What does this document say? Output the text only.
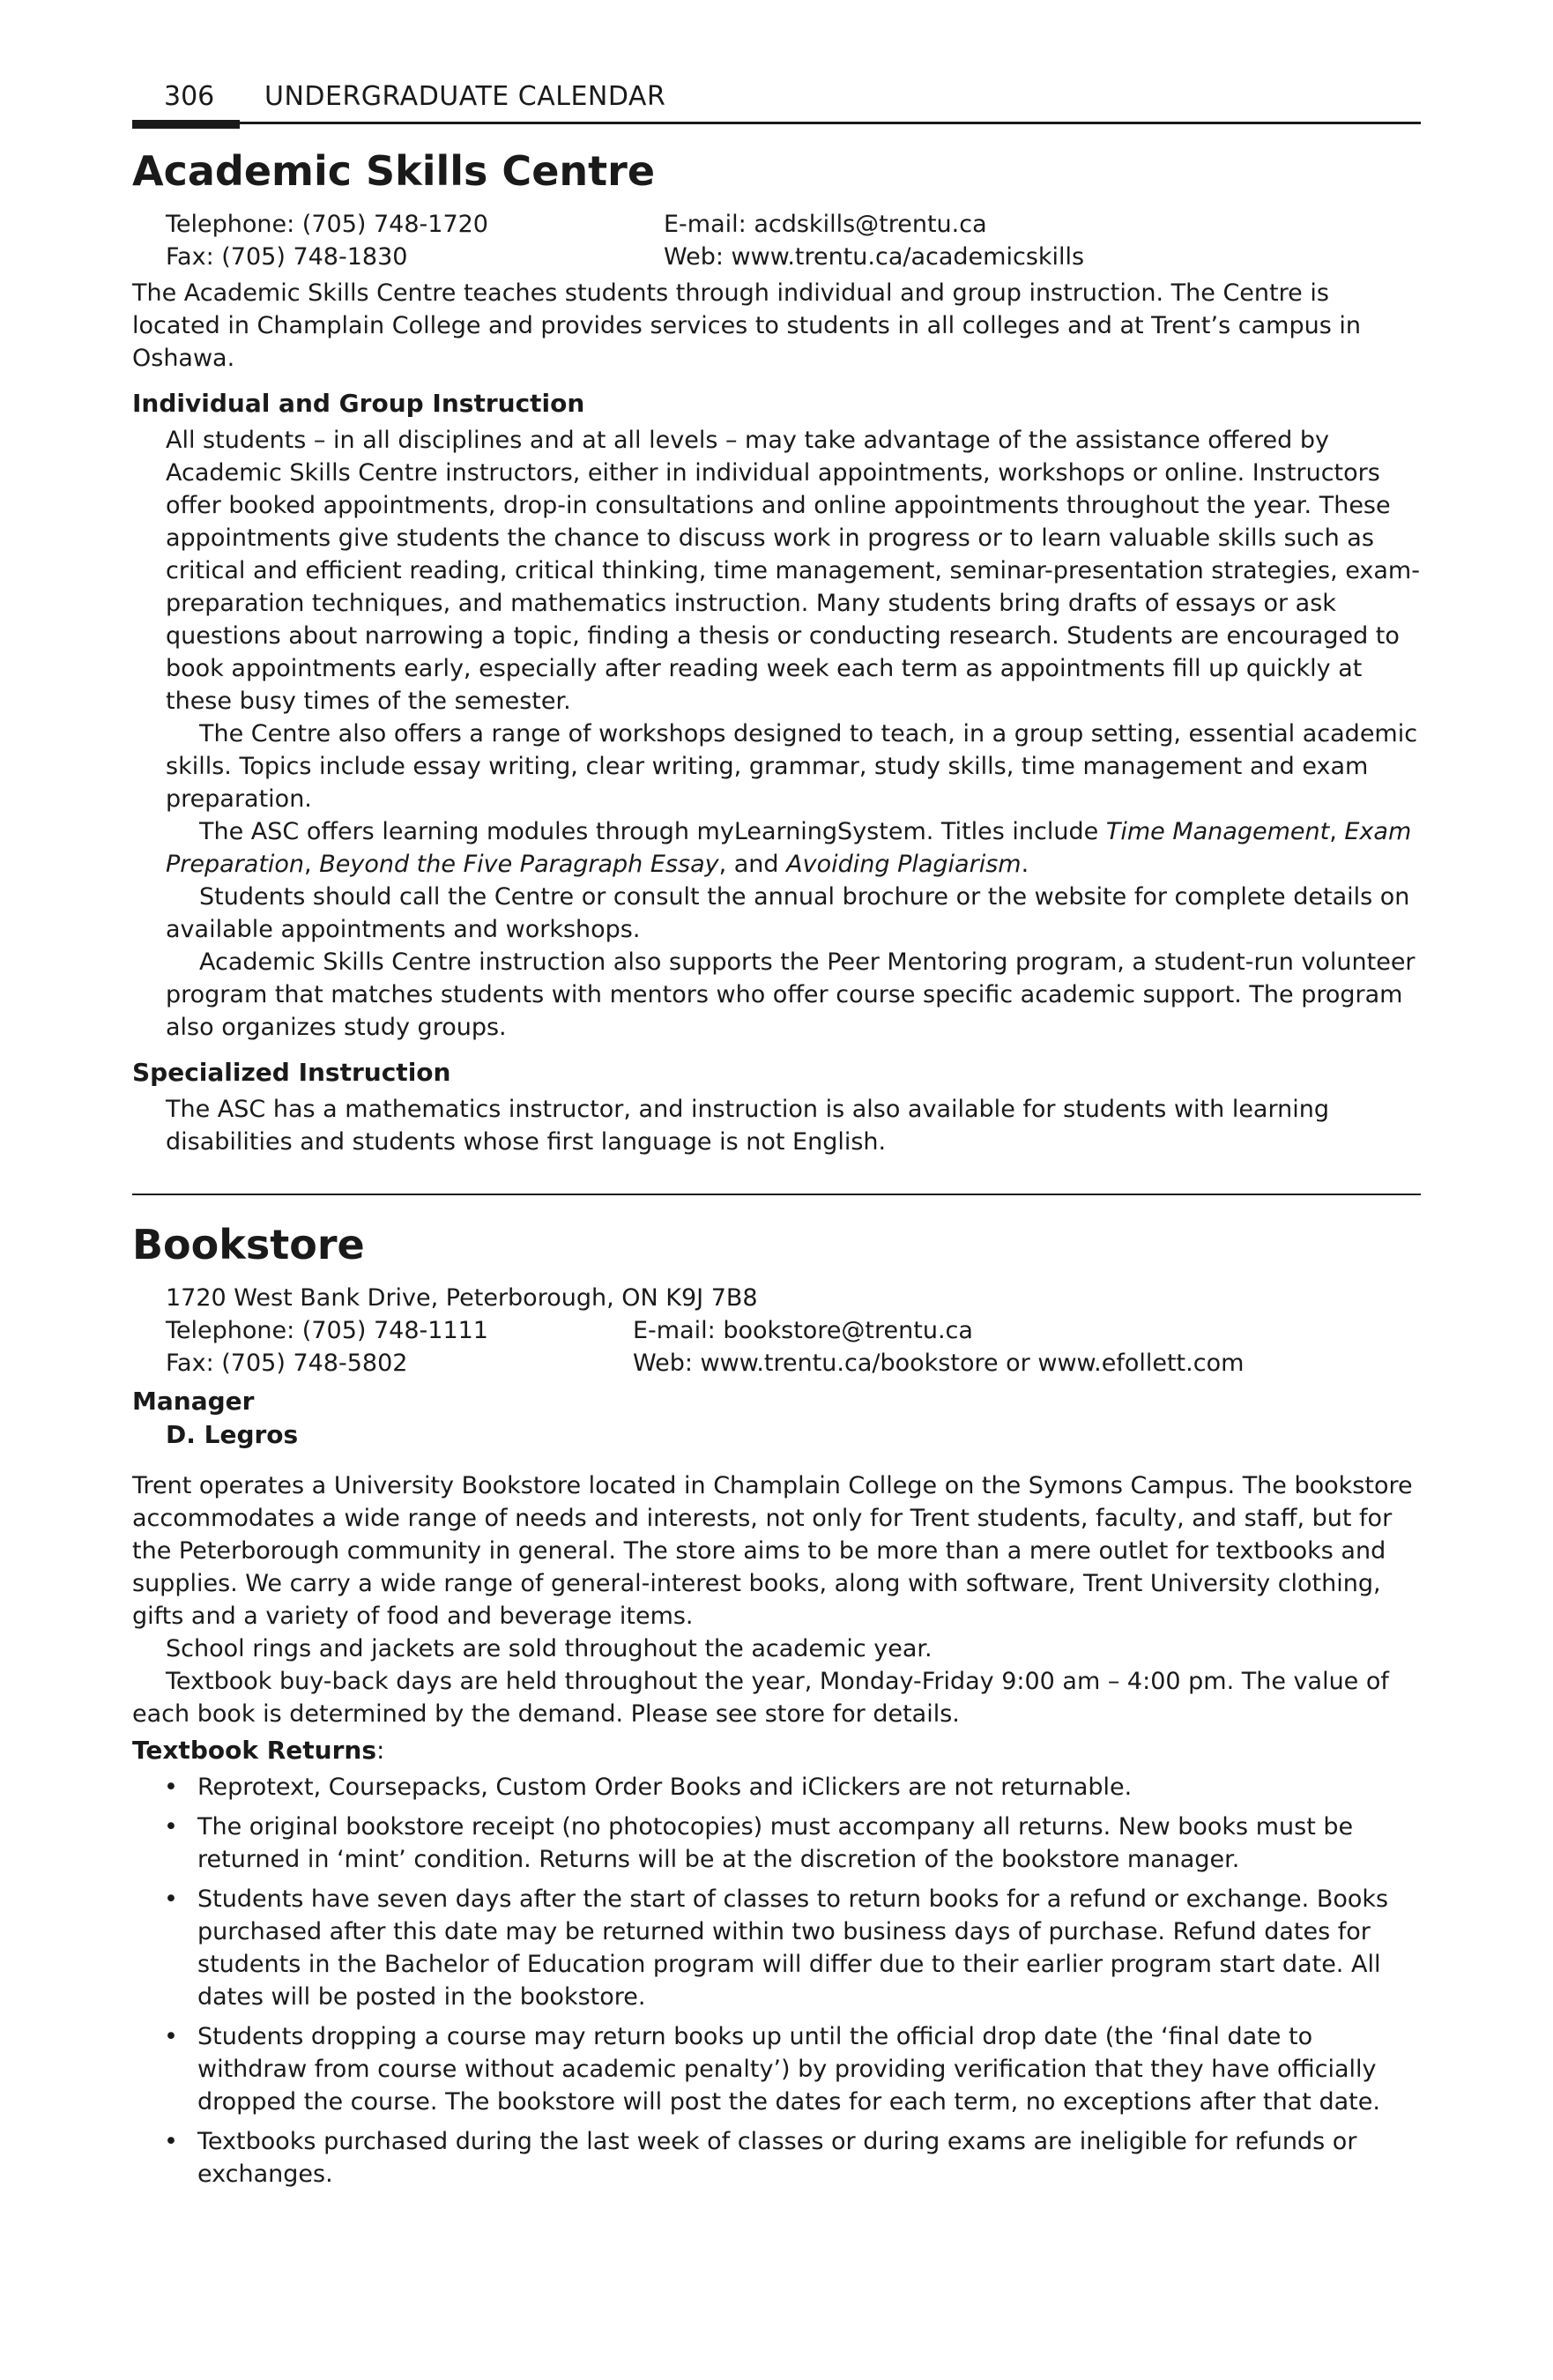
306 UNDERGRADUATE CALENDAR
Academic Skills Centre
Telephone: (705) 748-1720	E-mail: acdskills@trentu.ca
Fax: (705) 748-1830	Web: www.trentu.ca/academicskills

The Academic Skills Centre teaches students through individual and group instruction. The Centre is located in Champlain College and provides services to students in all colleges and at Trent’s campus in Oshawa.

Individual and Group Instruction

All students – in all disciplines and at all levels – may take advantage of the assistance offered by Academic Skills Centre instructors, either in individual appointments, workshops or online. Instructors offer booked appointments, drop-in consultations and online appointments throughout the year. These appointments give students the chance to discuss work in progress or to learn valuable skills such as critical and efficient reading, critical thinking, time management, seminar-presentation strategies, exam-preparation techniques, and mathematics instruction. Many students bring drafts of essays or ask questions about narrowing a topic, finding a thesis or conducting research. Students are encouraged to book appointments early, especially after reading week each term as appointments fill up quickly at these busy times of the semester.

The Centre also offers a range of workshops designed to teach, in a group setting, essential academic skills. Topics include essay writing, clear writing, grammar, study skills, time management and exam preparation.

The ASC offers learning modules through myLearningSystem. Titles include Time Management, Exam Preparation, Beyond the Five Paragraph Essay, and Avoiding Plagiarism.

Students should call the Centre or consult the annual brochure or the website for complete details on available appointments and workshops.

Academic Skills Centre instruction also supports the Peer Mentoring program, a student-run volunteer program that matches students with mentors who offer course specific academic support. The program also organizes study groups.

Specialized Instruction

The ASC has a mathematics instructor, and instruction is also available for students with learning disabilities and students whose first language is not English.

Bookstore
1720 West Bank Drive, Peterborough, ON K9J 7B8
Telephone: (705) 748-1111	E-mail: bookstore@trentu.ca
Fax: (705) 748-5802	Web: www.trentu.ca/bookstore or www.efollett.com
Manager
D. Legros

Trent operates a University Bookstore located in Champlain College on the Symons Campus. The bookstore accommodates a wide range of needs and interests, not only for Trent students, faculty, and staff, but for the Peterborough community in general. The store aims to be more than a mere outlet for textbooks and supplies. We carry a wide range of general-interest books, along with software, Trent University clothing, gifts and a variety of food and beverage items.

School rings and jackets are sold throughout the academic year.

Textbook buy-back days are held throughout the year, Monday-Friday 9:00 am – 4:00 pm. The value of each book is determined by the demand. Please see store for details.

Textbook Returns:
• Reprotext, Coursepacks, Custom Order Books and iClickers are not returnable.
• The original bookstore receipt (no photocopies) must accompany all returns. New books must be returned in ‘mint’ condition. Returns will be at the discretion of the bookstore manager.
• Students have seven days after the start of classes to return books for a refund or exchange. Books purchased after this date may be returned within two business days of purchase. Refund dates for students in the Bachelor of Education program will differ due to their earlier program start date. All dates will be posted in the bookstore.
• Students dropping a course may return books up until the official drop date (the ‘final date to withdraw from course without academic penalty’) by providing verification that they have officially dropped the course. The bookstore will post the dates for each term, no exceptions after that date.
• Textbooks purchased during the last week of classes or during exams are ineligible for refunds or exchanges.
